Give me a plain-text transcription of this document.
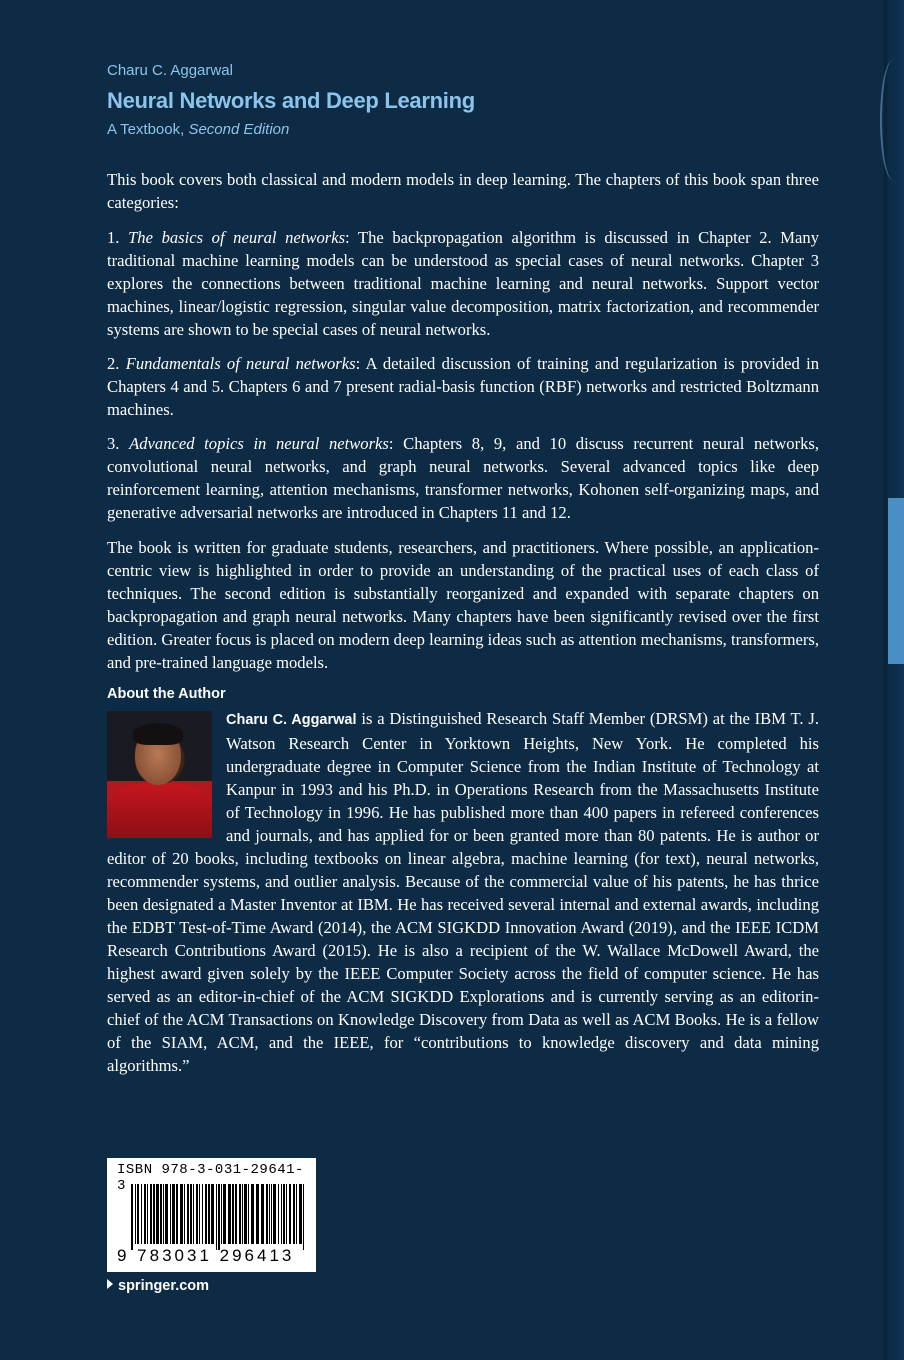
Charu C. Aggarwal
Neural Networks and Deep Learning
A Textbook, Second Edition

This book covers both classical and modern models in deep learning. The chapters of this book span three categories:

1. The basics of neural networks: The backpropagation algorithm is discussed in Chapter 2. Many traditional machine learning models can be understood as special cases of neural networks. Chapter 3 explores the connections between traditional machine learning and neural networks. Support vector machines, linear/logistic regression, singular value decomposition, matrix factorization, and recommender systems are shown to be special cases of neural networks.

2. Fundamentals of neural networks: A detailed discussion of training and regularization is provided in Chapters 4 and 5. Chapters 6 and 7 present radial-basis function (RBF) networks and restricted Boltzmann machines.

3. Advanced topics in neural networks: Chapters 8, 9, and 10 discuss recurrent neural networks, convolutional neural networks, and graph neural networks. Several advanced topics like deep reinforcement learning, attention mechanisms, transformer networks, Kohonen self-organizing maps, and generative adversarial networks are introduced in Chapters 11 and 12.

The book is written for graduate students, researchers, and practitioners. Where possible, an application-centric view is highlighted in order to provide an understanding of the practical uses of each class of techniques. The second edition is substantially reorganized and expanded with separate chapters on backpropagation and graph neural networks. Many chapters have been significantly revised over the first edition. Greater focus is placed on modern deep learning ideas such as attention mechanisms, transformers, and pre-trained language models.

About the Author

Charu C. Aggarwal is a Distinguished Research Staff Member (DRSM) at the IBM T. J. Watson Research Center in Yorktown Heights, New York. He completed his undergraduate degree in Computer Science from the Indian Institute of Technology at Kanpur in 1993 and his Ph.D. in Operations Research from the Massachusetts Institute of Technology in 1996. He has published more than 400 papers in refereed conferences and journals, and has applied for or been granted more than 80 patents. He is author or editor of 20 books, including textbooks on linear algebra, machine learning (for text), neural networks, recommender systems, and outlier analysis. Because of the commercial value of his patents, he has thrice been designated a Master Inventor at IBM. He has received several internal and external awards, including the EDBT Test-of-Time Award (2014), the ACM SIGKDD Innovation Award (2019), and the IEEE ICDM Research Contributions Award (2015). He is also a recipient of the W. Wallace McDowell Award, the highest award given solely by the IEEE Computer Society across the field of computer science. He has served as an editor-in-chief of the ACM SIGKDD Explorations and is currently serving as an editorin-chief of the ACM Transactions on Knowledge Discovery from Data as well as ACM Books. He is a fellow of the SIAM, ACM, and the IEEE, for “contributions to knowledge discovery and data mining algorithms.”

ISBN 978-3-031-29641-3
9 783031 296413
springer.com
